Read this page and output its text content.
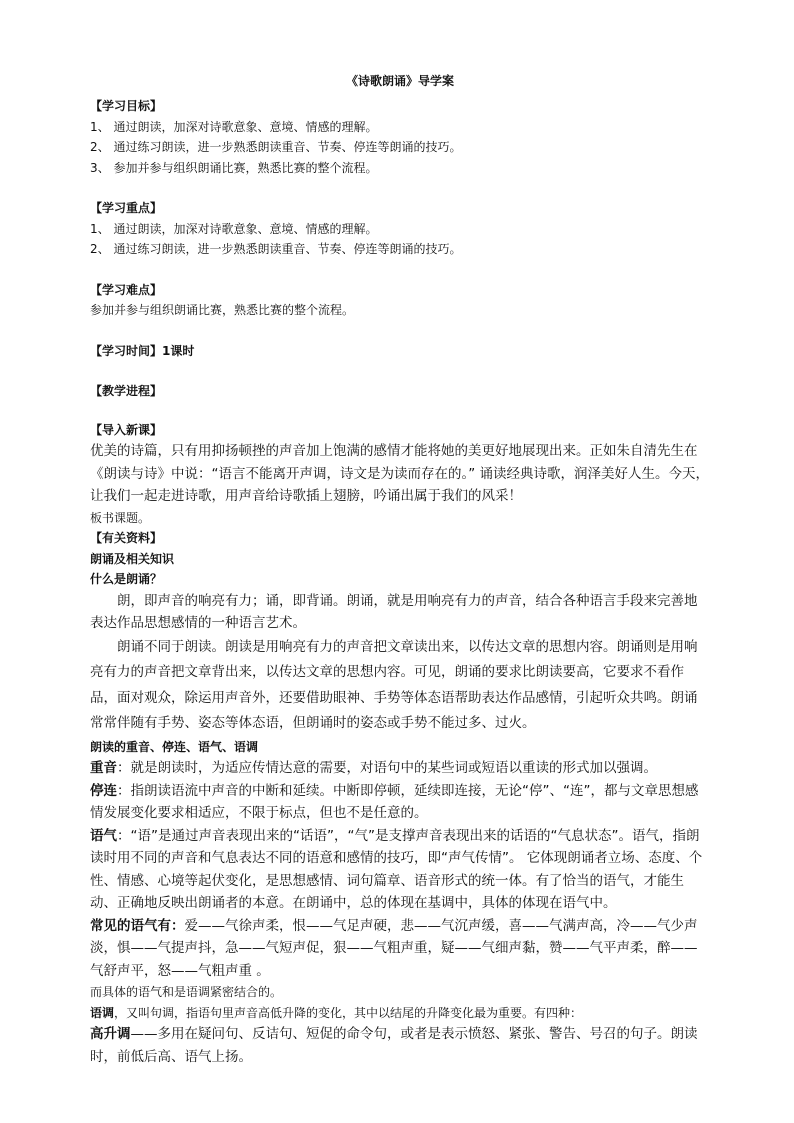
《诗歌朗诵》导学案
【学习目标】
1、 通过朗读，加深对诗歌意象、意境、情感的理解。
2、 通过练习朗读，进一步熟悉朗读重音、节奏、停连等朗诵的技巧。
3、 参加并参与组织朗诵比赛，熟悉比赛的整个流程。
【学习重点】
1、 通过朗读，加深对诗歌意象、意境、情感的理解。
2、 通过练习朗读，进一步熟悉朗读重音、节奏、停连等朗诵的技巧。
【学习难点】
参加并参与组织朗诵比赛，熟悉比赛的整个流程。
【学习时间】1课时
【教学进程】
【导入新课】

优美的诗篇，只有用抑扬顿挫的声音加上饱满的感情才能将她的美更好地展现出来。正如朱自清先生在《朗读与诗》中说：“语言不能离开声调，诗文是为读而存在的。” 诵读经典诗歌，润泽美好人生。今天，让我们一起走进诗歌，用声音给诗歌插上翅膀，吟诵出属于我们的风采！

板书课题。
【有关资料】
朗诵及相关知识
什么是朗诵？

朗，即声音的响亮有力；诵，即背诵。朗诵，就是用响亮有力的声音，结合各种语言手段来完善地表达作品思想感情的一种语言艺术。

朗诵不同于朗读。朗读是用响亮有力的声音把文章读出来，以传达文章的思想内容。朗诵则是用响亮有力的声音把文章背出来，以传达文章的思想内容。可见，朗诵的要求比朗读要高，它要求不看作品，面对观众，除运用声音外，还要借助眼神、手势等体态语帮助表达作品感情，引起听众共鸣。朗诵常常伴随有手势、姿态等体态语，但朗诵时的姿态或手势不能过多、过火。

朗读的重音、停连、语气、语调

重音：就是朗读时，为适应传情达意的需要，对语句中的某些词或短语以重读的形式加以强调。

停连：指朗读语流中声音的中断和延续。中断即停顿，延续即连接，无论“停”、“连”，都与文章思想感情发展变化要求相适应，不限于标点，但也不是任意的。

语气：“语”是通过声音表现出来的“话语”，“气”是支撑声音表现出来的话语的“气息状态”。语气，指朗读时用不同的声音和气息表达不同的语意和感情的技巧，即“声气传情”。 它体现朗诵者立场、态度、个性、情感、心境等起伏变化，是思想感情、词句篇章、语音形式的统一体。有了恰当的语气，才能生动、正确地反映出朗诵者的本意。在朗诵中，总的体现在基调中，具体的体现在语气中。

常见的语气有：爱——气徐声柔，恨——气足声硬，悲——气沉声缓，喜——气满声高，冷——气少声淡，惧——气提声抖，急——气短声促，狠——气粗声重，疑——气细声黏，赞——气平声柔，醉——气舒声平，怒——气粗声重 。

而具体的语气和是语调紧密结合的。

语调，又叫句调，指语句里声音高低升降的变化，其中以结尾的升降变化最为重要。有四种：

高升调——多用在疑问句、反诘句、短促的命令句，或者是表示愤怒、紧张、警告、号召的句子。朗读时，前低后高、语气上扬。
